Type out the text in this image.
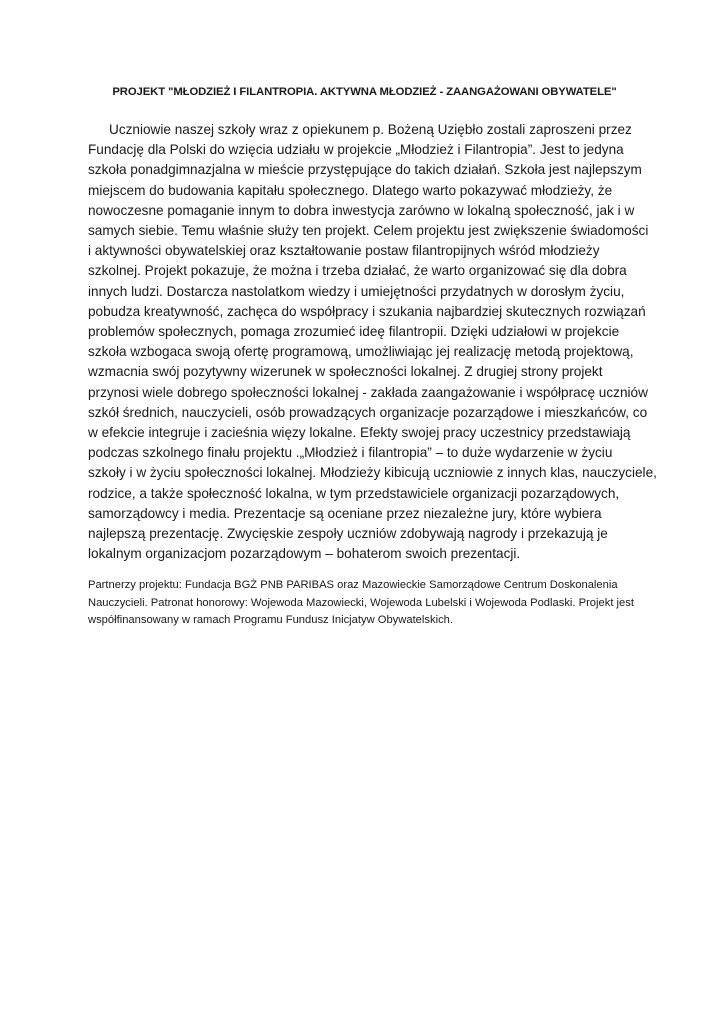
PROJEKT "MŁODZIEŻ I FILANTROPIA. AKTYWNA MŁODZIEŻ - ZAANGAŻOWANI OBYWATELE"

Uczniowie naszej szkoły wraz z opiekunem p. Bożeną Uziębło zostali zaproszeni przez
Fundację dla Polski do wzięcia udziału w projekcie „Młodzież i Filantropia”. Jest to jedyna
szkoła ponadgimnazjalna w mieście przystępujące do takich działań. Szkoła jest najlepszym
miejscem do budowania kapitału społecznego. Dlatego warto pokazywać młodzieży, że
nowoczesne pomaganie innym to dobra inwestycja zarówno w lokalną społeczność, jak i w
samych siebie. Temu właśnie służy ten projekt. Celem projektu jest zwiększenie świadomości
i aktywności obywatelskiej oraz kształtowanie postaw filantropijnych wśród młodzieży
szkolnej. Projekt pokazuje, że można i trzeba działać, że warto organizować się dla dobra
innych ludzi. Dostarcza nastolatkom wiedzy i umiejętności przydatnych w dorosłym życiu,
pobudza kreatywność, zachęca do współpracy i szukania najbardziej skutecznych rozwiązań
problemów społecznych, pomaga zrozumieć ideę filantropii. Dzięki udziałowi w projekcie
szkoła wzbogaca swoją ofertę programową, umożliwiając jej realizację metodą projektową,
wzmacnia swój pozytywny wizerunek w społeczności lokalnej. Z drugiej strony projekt
przynosi wiele dobrego społeczności lokalnej - zakłada zaangażowanie i współpracę uczniów
szkół średnich, nauczycieli, osób prowadzących organizacje pozarządowe i mieszkańców, co
w efekcie integruje i zacieśnia więzy lokalne. Efekty swojej pracy uczestnicy przedstawiają
podczas szkolnego finału projektu .„Młodzież i filantropia” – to duże wydarzenie w życiu
szkoły i w życiu społeczności lokalnej. Młodzieży kibicują uczniowie z innych klas, nauczyciele,
rodzice, a także społeczność lokalna, w tym przedstawiciele organizacji pozarządowych,
samorządowcy i media. Prezentacje są oceniane przez niezależne jury, które wybiera
najlepszą prezentację. Zwycięskie zespoły uczniów zdobywają nagrody i przekazują je
lokalnym organizacjom pozarządowym – bohaterom swoich prezentacji.

Partnerzy projektu: Fundacja BGŻ PNB PARIBAS oraz Mazowieckie Samorządowe Centrum Doskonalenia
Nauczycieli. Patronat honorowy: Wojewoda Mazowiecki, Wojewoda Lubelski i Wojewoda Podlaski. Projekt jest
współfinansowany w ramach Programu Fundusz Inicjatyw Obywatelskich.
